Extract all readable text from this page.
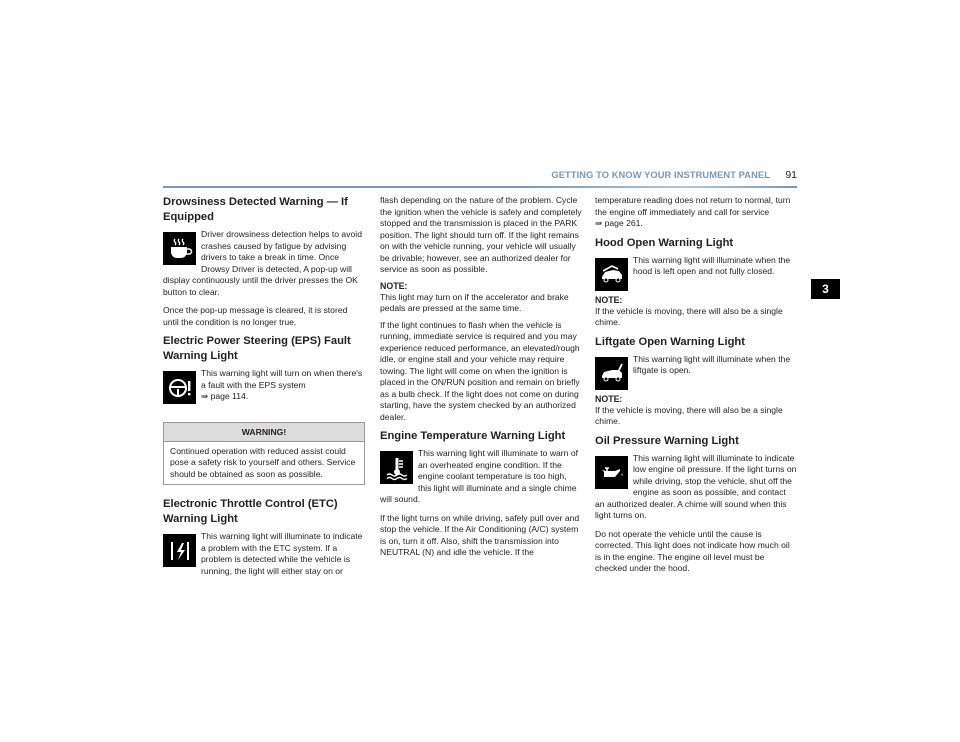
GETTING TO KNOW YOUR INSTRUMENT PANEL 91
3
Drowsiness Detected Warning — If Equipped

Driver drowsiness detection helps to avoid crashes caused by fatigue by advising drivers to take a break in time. Once Drowsy Driver is detected, A pop-up will display continuously until the driver presses the OK button to clear.

Once the pop-up message is cleared, it is stored until the condition is no longer true.

Electric Power Steering (EPS) Fault Warning Light

This warning light will turn on when there's a fault with the EPS system
⇛ page 114.

WARNING!

Continued operation with reduced assist could pose a safety risk to yourself and others. Service should be obtained as soon as possible.

Electronic Throttle Control (ETC) Warning Light

This warning light will illuminate to indicate a problem with the ETC system. If a problem is detected while the vehicle is running, the light will either stay on or

flash depending on the nature of the problem. Cycle the ignition when the vehicle is safely and completely stopped and the transmission is placed in the PARK position. The light should turn off. If the light remains on with the vehicle running, your vehicle will usually be drivable; however, see an authorized dealer for service as soon as possible.

NOTE:

This light may turn on if the accelerator and brake pedals are pressed at the same time.

If the light continues to flash when the vehicle is running, immediate service is required and you may experience reduced performance, an elevated/rough idle, or engine stall and your vehicle may require towing. The light will come on when the ignition is placed in the ON/RUN position and remain on briefly as a bulb check. If the light does not come on during starting, have the system checked by an authorized dealer.

Engine Temperature Warning Light

This warning light will illuminate to warn of an overheated engine condition. If the engine coolant temperature is too high, this light will illuminate and a single chime will sound.

If the light turns on while driving, safely pull over and stop the vehicle. If the Air Conditioning (A/C) system is on, turn it off. Also, shift the transmission into NEUTRAL (N) and idle the vehicle. If the

temperature reading does not return to normal, turn the engine off immediately and call for service
⇛ page 261.

Hood Open Warning Light

This warning light will illuminate when the hood is left open and not fully closed.

NOTE:

If the vehicle is moving, there will also be a single chime.

Liftgate Open Warning Light

This warning light will illuminate when the liftgate is open.

NOTE:

If the vehicle is moving, there will also be a single chime.

Oil Pressure Warning Light

This warning light will illuminate to indicate low engine oil pressure. If the light turns on while driving, stop the vehicle, shut off the engine as soon as possible, and contact an authorized dealer. A chime will sound when this light turns on.

Do not operate the vehicle until the cause is corrected. This light does not indicate how much oil is in the engine. The engine oil level must be checked under the hood.
